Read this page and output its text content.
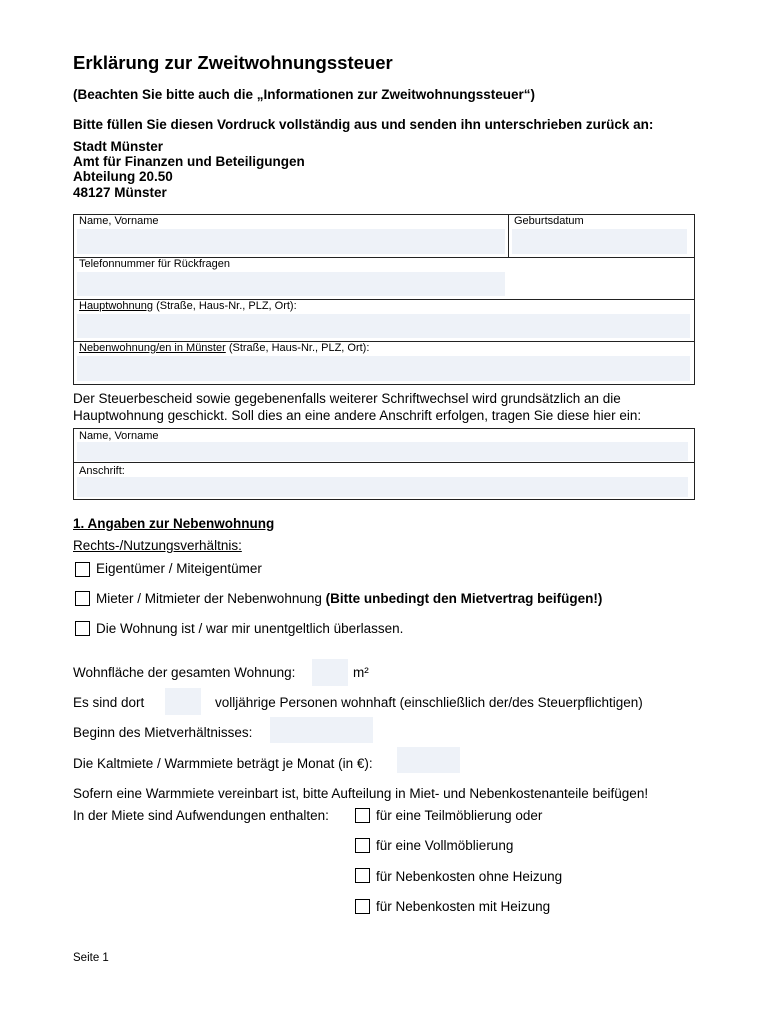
Erklärung zur Zweitwohnungssteuer
(Beachten Sie bitte auch die „Informationen zur Zweitwohnungssteuer“)
Bitte füllen Sie diesen Vordruck vollständig aus und senden ihn unterschrieben zurück an:
Stadt Münster
Amt für Finanzen und Beteiligungen
Abteilung 20.50
48127 Münster
Name, Vorname	Geburtsdatum
Telefonnummer für Rückfragen
Hauptwohnung (Straße, Haus-Nr., PLZ, Ort):
Nebenwohnung/en in Münster (Straße, Haus-Nr., PLZ, Ort):
Der Steuerbescheid sowie gegebenenfalls weiterer Schriftwechsel wird grundsätzlich an die Hauptwohnung geschickt. Soll dies an eine andere Anschrift erfolgen, tragen Sie diese hier ein:
Name, Vorname
Anschrift:
1. Angaben zur Nebenwohnung
Rechts-/Nutzungsverhältnis:
Eigentümer / Miteigentümer
Mieter / Mitmieter der Nebenwohnung (Bitte unbedingt den Mietvertrag beifügen!)
Die Wohnung ist / war mir unentgeltlich überlassen.
Wohnfläche der gesamten Wohnung:	m²
Es sind dort	volljährige Personen wohnhaft (einschließlich der/des Steuerpflichtigen)
Beginn des Mietverhältnisses:
Die Kaltmiete / Warmmiete beträgt je Monat (in €):
Sofern eine Warmmiete vereinbart ist, bitte Aufteilung in Miet- und Nebenkostenanteile beifügen!
In der Miete sind Aufwendungen enthalten:	für eine Teilmöblierung oder
für eine Vollmöblierung
für Nebenkosten ohne Heizung
für Nebenkosten mit Heizung
Seite 1
